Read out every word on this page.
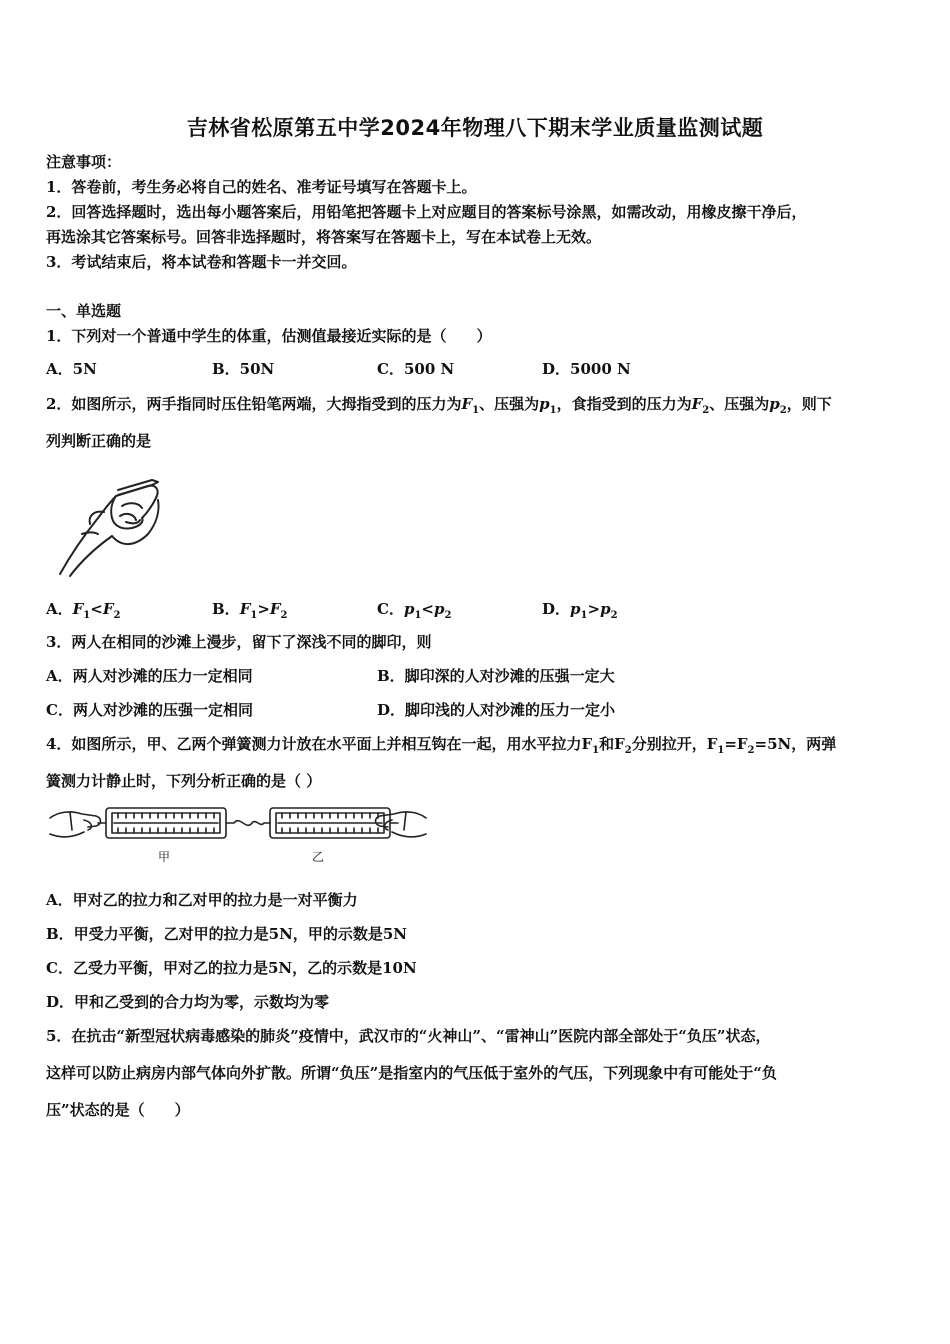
吉林省松原第五中学2024年物理八下期末学业质量监测试题
注意事项：
1．答卷前，考生务必将自己的姓名、准考证号填写在答题卡上。
2．回答选择题时，选出每小题答案后，用铅笔把答题卡上对应题目的答案标号涂黑，如需改动，用橡皮擦干净后，
再选涂其它答案标号。回答非选择题时，将答案写在答题卡上，写在本试卷上无效。
3．考试结束后，将本试卷和答题卡一并交回。
一、单选题
1．下列对一个普通中学生的体重，估测值最接近实际的是（　　）
A．5N	B．50N	C．500 N	D．5000 N
2．如图所示，两手指同时压住铅笔两端，大拇指受到的压力为$F_1$、压强为$p_1$，食指受到的压力为$F_2$、压强为$p_2$，则下
列判断正确的是
A．$F_1<F_2$	B．$F_1>F_2$	C．$p_1<p_2$	D．$p_1>p_2$
3．两人在相同的沙滩上漫步，留下了深浅不同的脚印，则
A．两人对沙滩的压力一定相同	B．脚印深的人对沙滩的压强一定大
C．两人对沙滩的压强一定相同	D．脚印浅的人对沙滩的压力一定小
4．如图所示，甲、乙两个弹簧测力计放在水平面上并相互钩在一起，用水平拉力$F_1$和$F_2$分别拉开，$F_1=F_2=5N$，两弹
簧测力计静止时，下列分析正确的是（ ）
甲	乙
A．甲对乙的拉力和乙对甲的拉力是一对平衡力
B．甲受力平衡，乙对甲的拉力是5N，甲的示数是5N
C．乙受力平衡，甲对乙的拉力是5N，乙的示数是10N
D．甲和乙受到的合力均为零，示数均为零
5．在抗击“新型冠状病毒感染的肺炎”疫情中，武汉市的“火神山”、“雷神山”医院内部全部处于“负压”状态，
这样可以防止病房内部气体向外扩散。所谓“负压”是指室内的气压低于室外的气压，下列现象中有可能处于“负
压”状态的是（　　）
